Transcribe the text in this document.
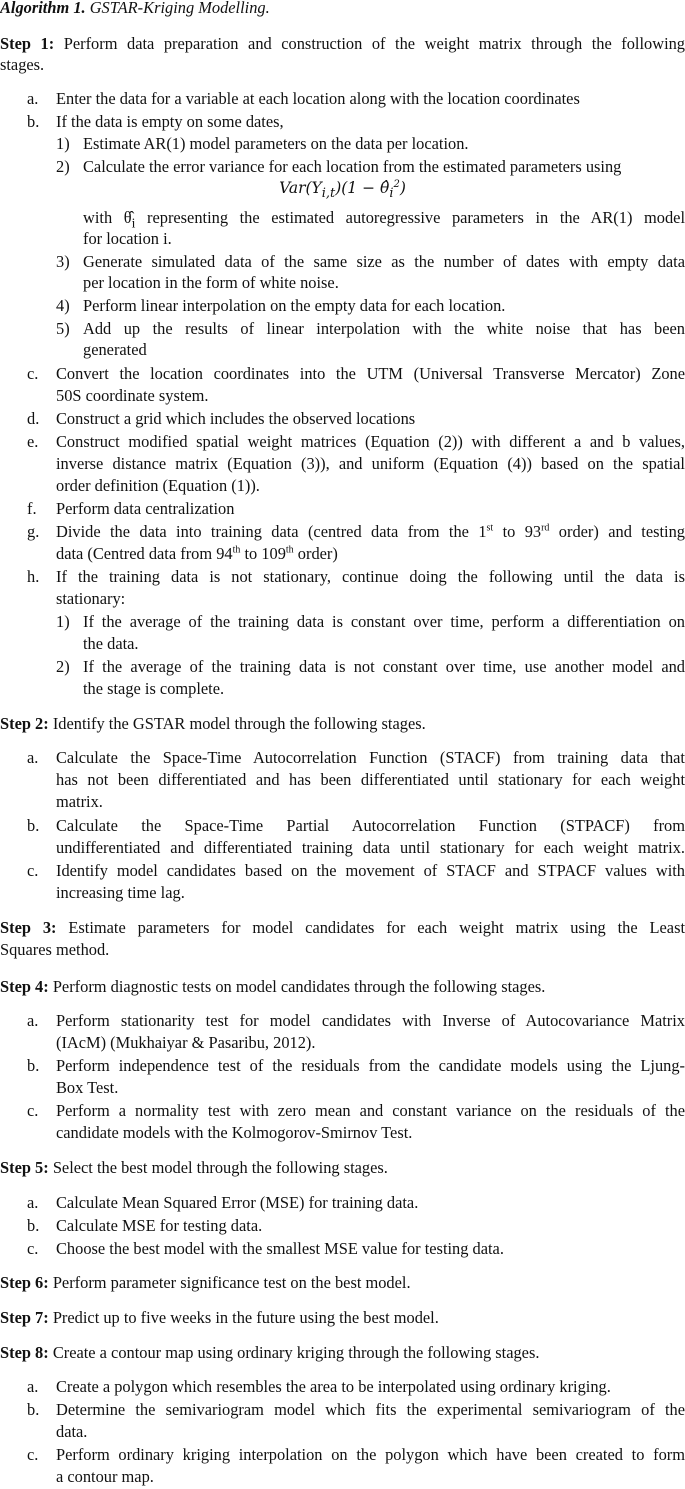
Algorithm 1. GSTAR-Kriging Modelling.

Step 1: Perform data preparation and construction of the weight matrix through the following

stages.

a. Enter the data for a variable at each location along with the location coordinates

b. If the data is empty on some dates,

1) Estimate AR(1) model parameters on the data per location.

2) Calculate the error variance for each location from the estimated parameters using

$Var(Y_{i,t})(1$ − $\thetâ_i^2$)

with $\thetâ_i$ representing the estimated autoregressive parameters in the AR(1) model

for location i.

3) Generate simulated data of the same size as the number of dates with empty data

per location in the form of white noise.

4) Perform linear interpolation on the empty data for each location.

5) Add up the results of linear interpolation with the white noise that has been

generated

c. Convert the location coordinates into the UTM (Universal Transverse Mercator) Zone

50S coordinate system.

d. Construct a grid which includes the observed locations

e. Construct modified spatial weight matrices (Equation (2)) with different a and b values,

inverse distance matrix (Equation (3)), and uniform (Equation (4)) based on the spatial

order definition (Equation (1)).

f. Perform data centralization

g. Divide the data into training data (centred data from the 1st to 93rd order) and testing

data (Centred data from 94th to 109th order)

h. If the training data is not stationary, continue doing the following until the data is

stationary:

1) If the average of the training data is constant over time, perform a differentiation on

the data.

2) If the average of the training data is not constant over time, use another model and

the stage is complete.

Step 2: Identify the GSTAR model through the following stages.

a. Calculate the Space-Time Autocorrelation Function (STACF) from training data that

has not been differentiated and has been differentiated until stationary for each weight

matrix.

b. Calculate the Space-Time Partial Autocorrelation Function (STPACF) from

undifferentiated and differentiated training data until stationary for each weight matrix.

c. Identify model candidates based on the movement of STACF and STPACF values with

increasing time lag.

Step 3: Estimate parameters for model candidates for each weight matrix using the Least

Squares method.

Step 4: Perform diagnostic tests on model candidates through the following stages.

a. Perform stationarity test for model candidates with Inverse of Autocovariance Matrix

(IAcM) (Mukhaiyar & Pasaribu, 2012).

b. Perform independence test of the residuals from the candidate models using the Ljung-

Box Test.

c. Perform a normality test with zero mean and constant variance on the residuals of the

candidate models with the Kolmogorov-Smirnov Test.

Step 5: Select the best model through the following stages.

a. Calculate Mean Squared Error (MSE) for training data.

b. Calculate MSE for testing data.

c. Choose the best model with the smallest MSE value for testing data.

Step 6: Perform parameter significance test on the best model.

Step 7: Predict up to five weeks in the future using the best model.

Step 8: Create a contour map using ordinary kriging through the following stages.

a. Create a polygon which resembles the area to be interpolated using ordinary kriging.

b. Determine the semivariogram model which fits the experimental semivariogram of the

data.

c. Perform ordinary kriging interpolation on the polygon which have been created to form

a contour map.
